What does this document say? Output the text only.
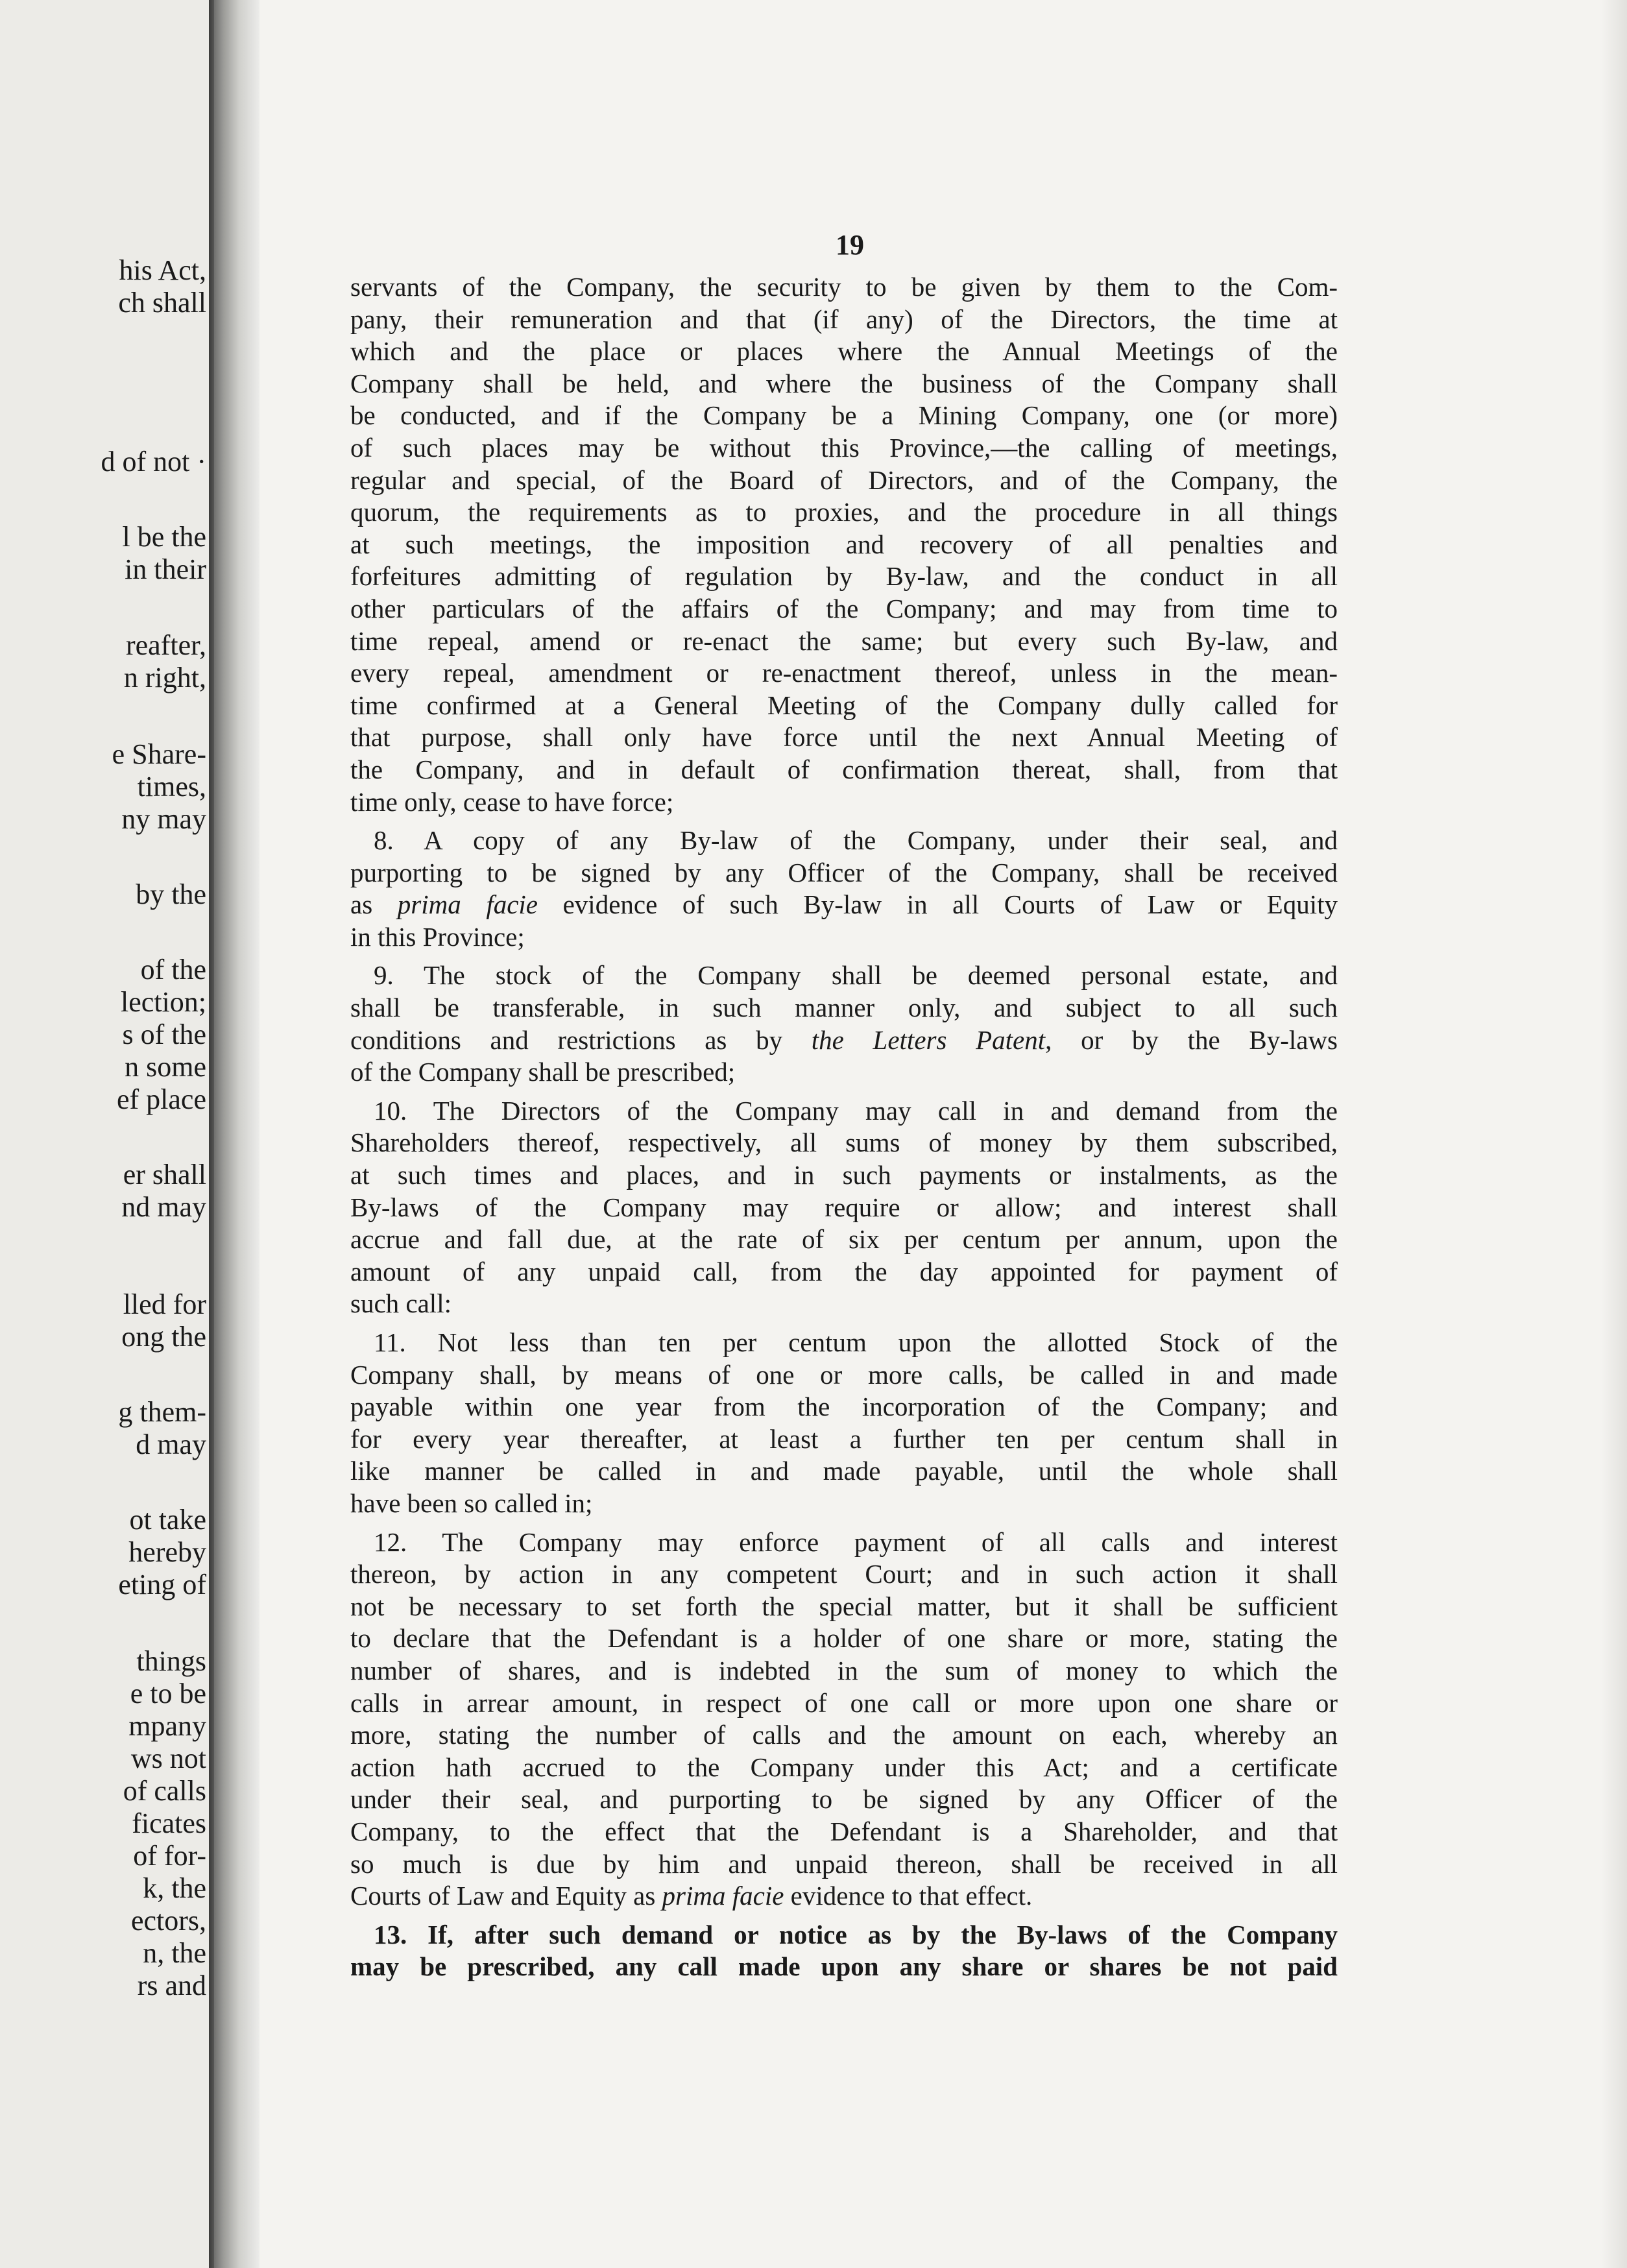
his Act,
ch shall
d of not ·
l be the
in their
reafter,
n right,
e Share-
times,
ny may
by the
of the
lection;
s of the
n some
ef place
er shall
nd may
lled for
ong the
g them-
d may
ot take
hereby
eting of
things
e to be
mpany
ws not
of calls
ficates
of for-
k, the
ectors,
n, the
rs and
19
servants of the Company, the security to be given by them to the Com-
pany, their remuneration and that (if any) of the Directors, the time at
which and the place or places where the Annual Meetings of the
Company shall be held, and where the business of the Company shall
be conducted, and if the Company be a Mining Company, one (or more)
of such places may be without this Province,—the calling of meetings,
regular and special, of the Board of Directors, and of the Company, the
quorum, the requirements as to proxies, and the procedure in all things
at such meetings, the imposition and recovery of all penalties and
forfeitures admitting of regulation by By-law, and the conduct in all
other particulars of the affairs of the Company; and may from time to
time repeal, amend or re-enact the same; but every such By-law, and
every repeal, amendment or re-enactment thereof, unless in the mean-
time confirmed at a General Meeting of the Company dully called for
that purpose, shall only have force until the next Annual Meeting of
the Company, and in default of confirmation thereat, shall, from that
time only, cease to have force;
8. A copy of any By-law of the Company, under their seal, and
purporting to be signed by any Officer of the Company, shall be received
as prima facie evidence of such By-law in all Courts of Law or Equity
in this Province;
9. The stock of the Company shall be deemed personal estate, and
shall be transferable, in such manner only, and subject to all such
conditions and restrictions as by the Letters Patent, or by the By-laws
of the Company shall be prescribed;
10. The Directors of the Company may call in and demand from the
Shareholders thereof, respectively, all sums of money by them subscribed,
at such times and places, and in such payments or instalments, as the
By-laws of the Company may require or allow; and interest shall
accrue and fall due, at the rate of six per centum per annum, upon the
amount of any unpaid call, from the day appointed for payment of
such call:
11. Not less than ten per centum upon the allotted Stock of the
Company shall, by means of one or more calls, be called in and made
payable within one year from the incorporation of the Company; and
for every year thereafter, at least a further ten per centum shall in
like manner be called in and made payable, until the whole shall
have been so called in;
12. The Company may enforce payment of all calls and interest
thereon, by action in any competent Court; and in such action it shall
not be necessary to set forth the special matter, but it shall be sufficient
to declare that the Defendant is a holder of one share or more, stating the
number of shares, and is indebted in the sum of money to which the
calls in arrear amount, in respect of one call or more upon one share or
more, stating the number of calls and the amount on each, whereby an
action hath accrued to the Company under this Act; and a certificate
under their seal, and purporting to be signed by any Officer of the
Company, to the effect that the Defendant is a Shareholder, and that
so much is due by him and unpaid thereon, shall be received in all
Courts of Law and Equity as prima facie evidence to that effect.
13. If, after such demand or notice as by the By-laws of the Company
may be prescribed, any call made upon any share or shares be not paid
